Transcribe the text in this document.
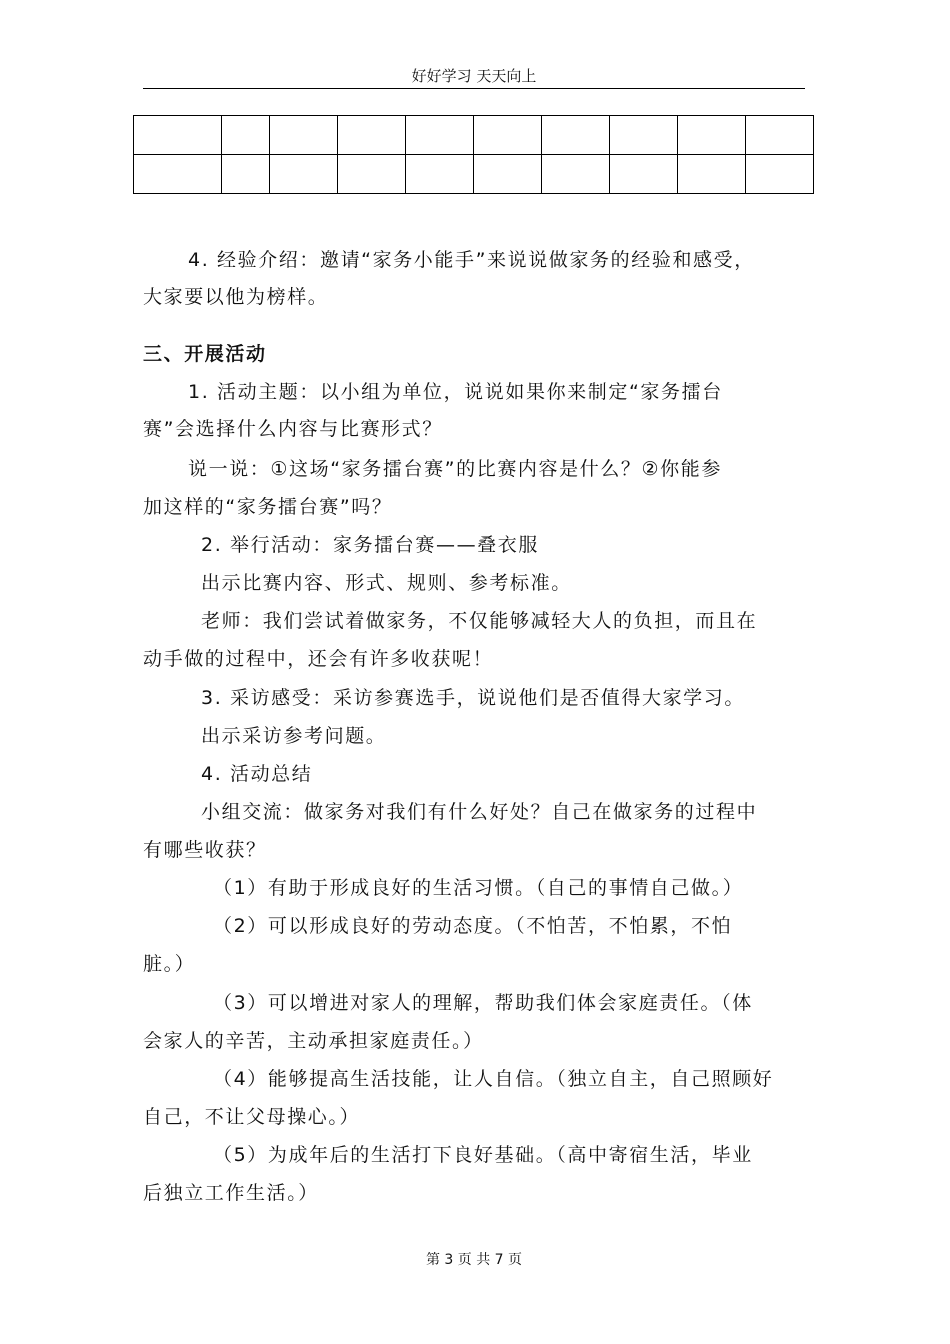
好好学习 天天向上

4. 经验介绍：邀请“家务小能手”来说说做家务的经验和感受，
大家要以他为榜样。
三、开展活动
1. 活动主题：以小组为单位，说说如果你来制定“家务擂台
赛”会选择什么内容与比赛形式？
说一说：①这场“家务擂台赛”的比赛内容是什么？②你能参
加这样的“家务擂台赛”吗？
2. 举行活动：家务擂台赛——叠衣服
出示比赛内容、形式、规则、参考标准。
老师：我们尝试着做家务，不仅能够减轻大人的负担，而且在
动手做的过程中，还会有许多收获呢！
3. 采访感受：采访参赛选手，说说他们是否值得大家学习。
出示采访参考问题。
4. 活动总结
小组交流：做家务对我们有什么好处？自己在做家务的过程中
有哪些收获？
（1）有助于形成良好的生活习惯。（自己的事情自己做。）
（2）可以形成良好的劳动态度。（不怕苦，不怕累，不怕
脏。）
（3）可以增进对家人的理解，帮助我们体会家庭责任。（体
会家人的辛苦，主动承担家庭责任。）
（4）能够提高生活技能，让人自信。（独立自主，自己照顾好
自己，不让父母操心。）
（5）为成年后的生活打下良好基础。（高中寄宿生活，毕业
后独立工作生活。）
第 3 页 共 7 页
